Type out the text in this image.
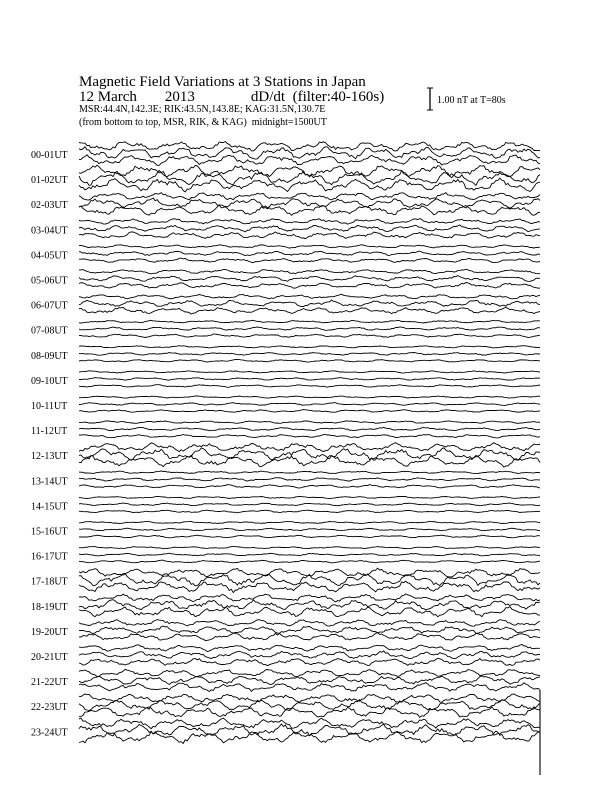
Magnetic Field Variations at 3 Stations in Japan
12 March 2013	dD/dt (filter:40-160s)
MSR:44.4N,142.3E; RIK:43.5N,143.8E; KAG:31.5N,130.7E
(from bottom to top, MSR, RIK, & KAG) midnight=1500UT
1.00 nT at T=80s
00-01UT
01-02UT
02-03UT
03-04UT
04-05UT
05-06UT
06-07UT
07-08UT
08-09UT
09-10UT
10-11UT
11-12UT
12-13UT
13-14UT
14-15UT
15-16UT
16-17UT
17-18UT
18-19UT
19-20UT
20-21UT
21-22UT
22-23UT
23-24UT
